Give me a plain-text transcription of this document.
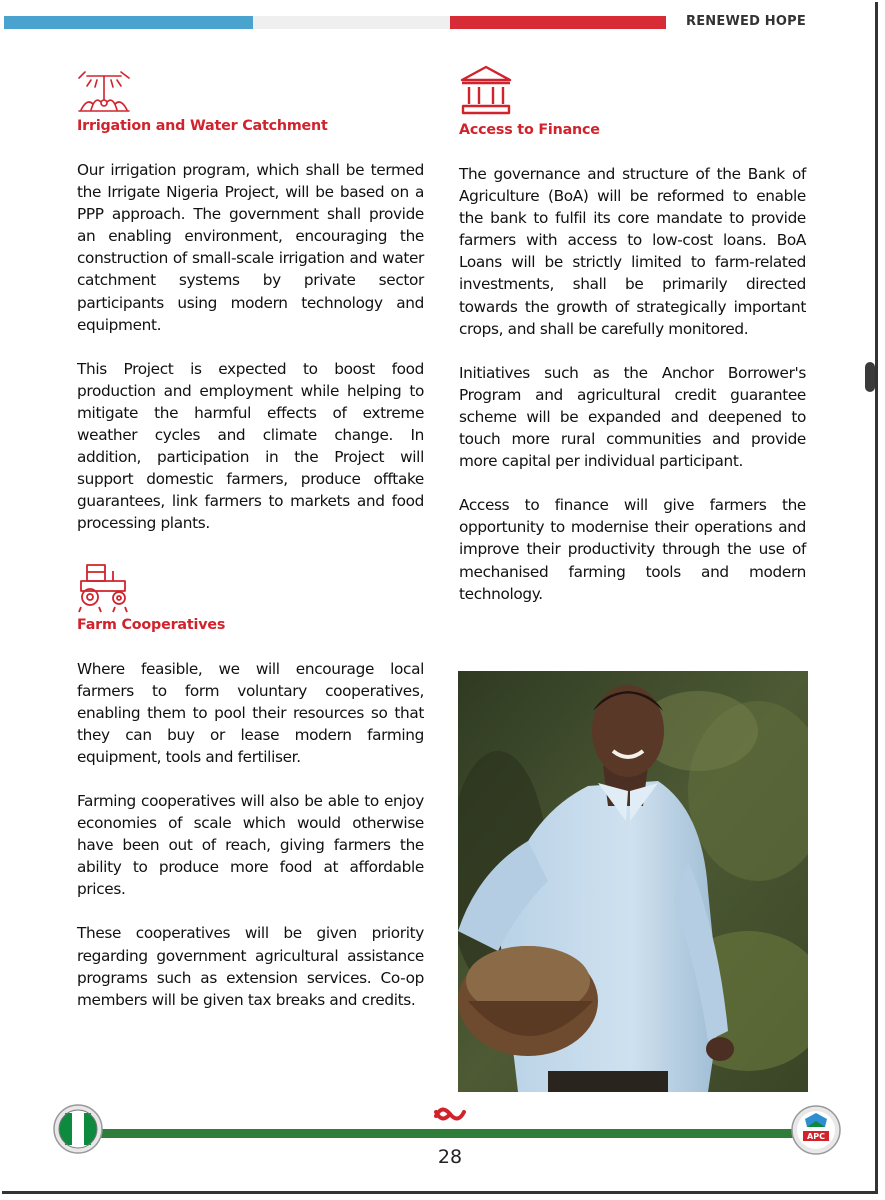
RENEWED HOPE
Irrigation and Water Catchment

Our irrigation program, which shall be termed the Irrigate Nigeria Project, will be based on a PPP approach. The government shall provide an enabling environment, encouraging the construction of small-scale irrigation and water catchment systems by private sector participants using modern technology and equipment.

This Project is expected to boost food production and employment while helping to mitigate the harmful effects of extreme weather cycles and climate change. In addition, participation in the Project will support domestic farmers, produce offtake guarantees, link farmers to markets and food processing plants.

Farm Cooperatives

Where feasible, we will encourage local farmers to form voluntary cooperatives, enabling them to pool their resources so that they can buy or lease modern farming equipment, tools and fertiliser.

Farming cooperatives will also be able to enjoy economies of scale which would otherwise have been out of reach, giving farmers the ability to produce more food at affordable prices.

These cooperatives will be given priority regarding government agricultural assistance programs such as extension services. Co-op members will be given tax breaks and credits.

Access to Finance

The governance and structure of the Bank of Agriculture (BoA) will be reformed to enable the bank to fulfil its core mandate to provide farmers with access to low-cost loans. BoA Loans will be strictly limited to farm-related investments, shall be primarily directed towards the growth of strategically important crops, and shall be carefully monitored.

Initiatives such as the Anchor Borrower's Program and agricultural credit guarantee scheme will be expanded and deepened to touch more rural communities and provide more capital per individual participant.

Access to finance will give farmers the opportunity to modernise their operations and improve their productivity through the use of mechanised farming tools and modern technology.

APC
28
